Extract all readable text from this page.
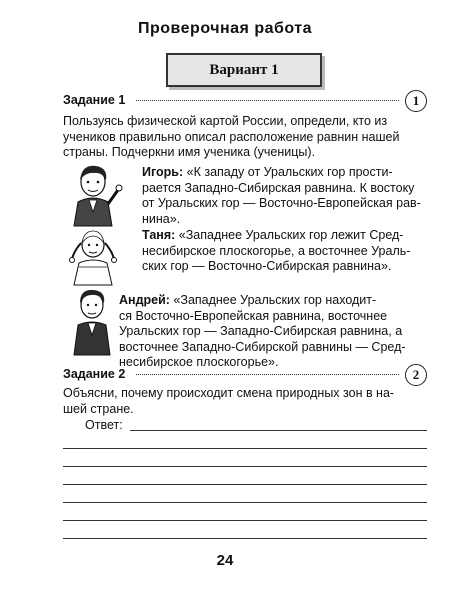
Проверочная работа
Вариант 1
Задание 1	1
Пользуясь физической картой России, определи, кто из
учеников правильно описал расположение равнин нашей
страны. Подчеркни имя ученика (ученицы).
Игорь: «К западу от Уральских гор прости-
рается Западно-Сибирская равнина. К востоку
от Уральских гор — Восточно-Европейская рав-
нина».
Таня: «Западнее Уральских гор лежит Сред-
несибирское плоскогорье, а восточнее Ураль-
ских гор — Восточно-Сибирская равнина».
Андрей: «Западнее Уральских гор находит-
ся Восточно-Европейская равнина, восточнее
Уральских гор — Западно-Сибирская равнина, а
восточнее Западно-Сибирской равнины — Сред-
несибирское плоскогорье».
Задание 2	2
Объясни, почему происходит смена природных зон в на-
шей стране.
Ответ:
24
